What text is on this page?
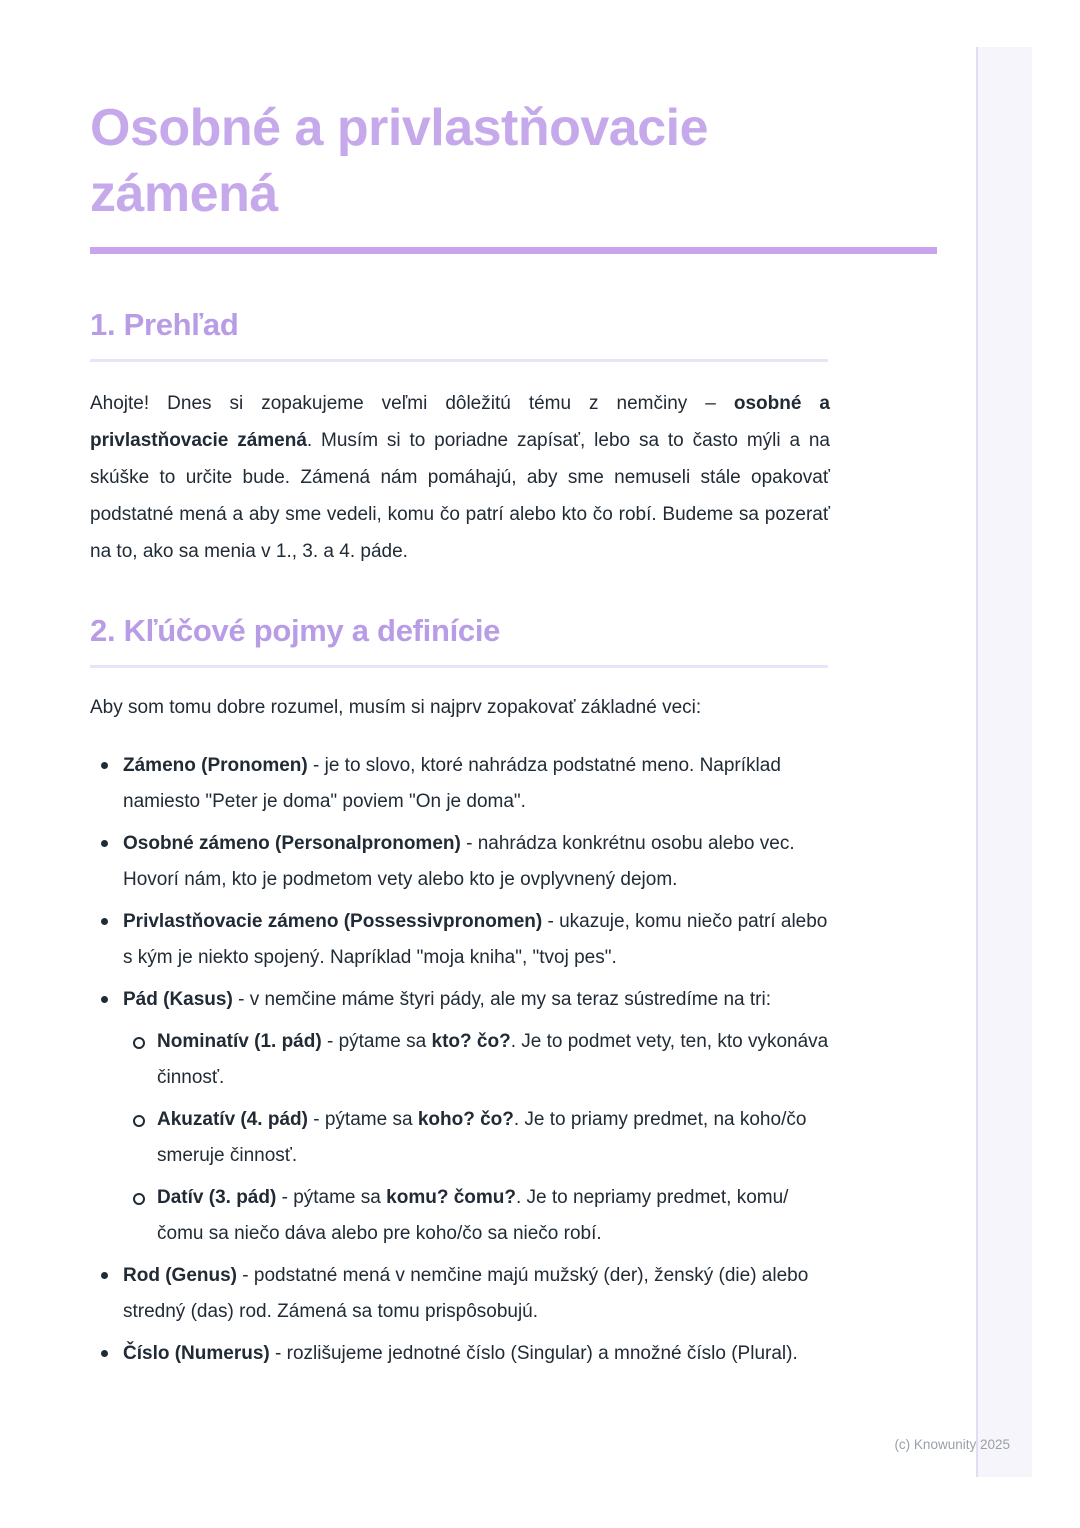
Osobné a privlastňovacie zámená
1. Prehľad

Ahojte! Dnes si zopakujeme veľmi dôležitú tému z nemčiny – osobné a privlastňovacie zámená. Musím si to poriadne zapísať, lebo sa to často mýli a na skúške to určite bude. Zámená nám pomáhajú, aby sme nemuseli stále opakovať podstatné mená a aby sme vedeli, komu čo patrí alebo kto čo robí. Budeme sa pozerať na to, ako sa menia v 1., 3. a 4. páde.

2. Kľúčové pojmy a definície

Aby som tomu dobre rozumel, musím si najprv zopakovať základné veci:

Zámeno (Pronomen) - je to slovo, ktoré nahrádza podstatné meno. Napríklad namiesto "Peter je doma" poviem "On je doma".
Osobné zámeno (Personalpronomen) - nahrádza konkrétnu osobu alebo vec. Hovorí nám, kto je podmetom vety alebo kto je ovplyvnený dejom.
Privlastňovacie zámeno (Possessivpronomen) - ukazuje, komu niečo patrí alebo s kým je niekto spojený. Napríklad "moja kniha", "tvoj pes".
Pád (Kasus) - v nemčine máme štyri pády, ale my sa teraz sústredíme na tri:
Nominatív (1. pád) - pýtame sa kto? čo?. Je to podmet vety, ten, kto vykonáva činnosť.
Akuzatív (4. pád) - pýtame sa koho? čo?. Je to priamy predmet, na koho/čo smeruje činnosť.
Datív (3. pád) - pýtame sa komu? čomu?. Je to nepriamy predmet, komu/čomu sa niečo dáva alebo pre koho/čo sa niečo robí.
Rod (Genus) - podstatné mená v nemčine majú mužský (der), ženský (die) alebo stredný (das) rod. Zámená sa tomu prispôsobujú.
Číslo (Numerus) - rozlišujeme jednotné číslo (Singular) a množné číslo (Plural).
(c) Knowunity 2025
